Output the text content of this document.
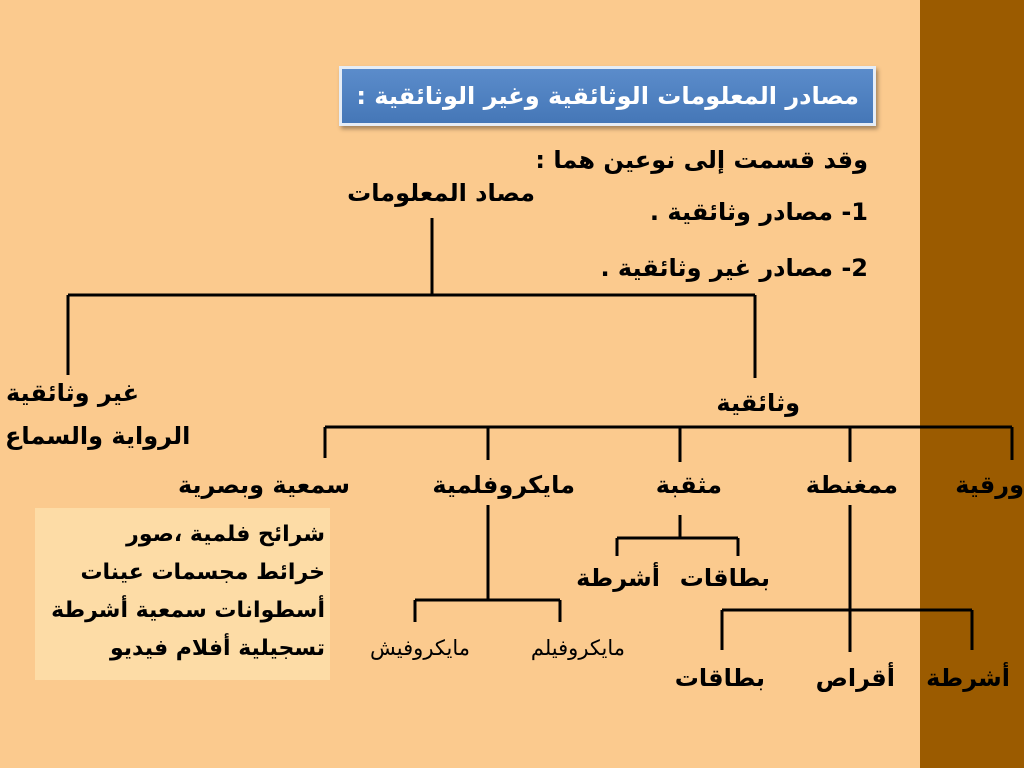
مصادر المعلومات الوثائقية وغير الوثائقية :
وقد قسمت إلى نوعين هما :
1- مصادر وثائقية .
2- مصادر غير وثائقية .
مصاد المعلومات
غير وثائقية
الرواية والسماع
وثائقية
ورقية
ممغنطة
مثقبة
مايكروفلمية
سمعية وبصرية
شرائح فلمية ،صور
خرائط مجسمات عينات
أسطوانات سمعية أشرطة
تسجيلية أفلام فيديو
بطاقات
أشرطة
مايكروفيلم
مايكروفيش
أشرطة
أقراص
بطاقات
